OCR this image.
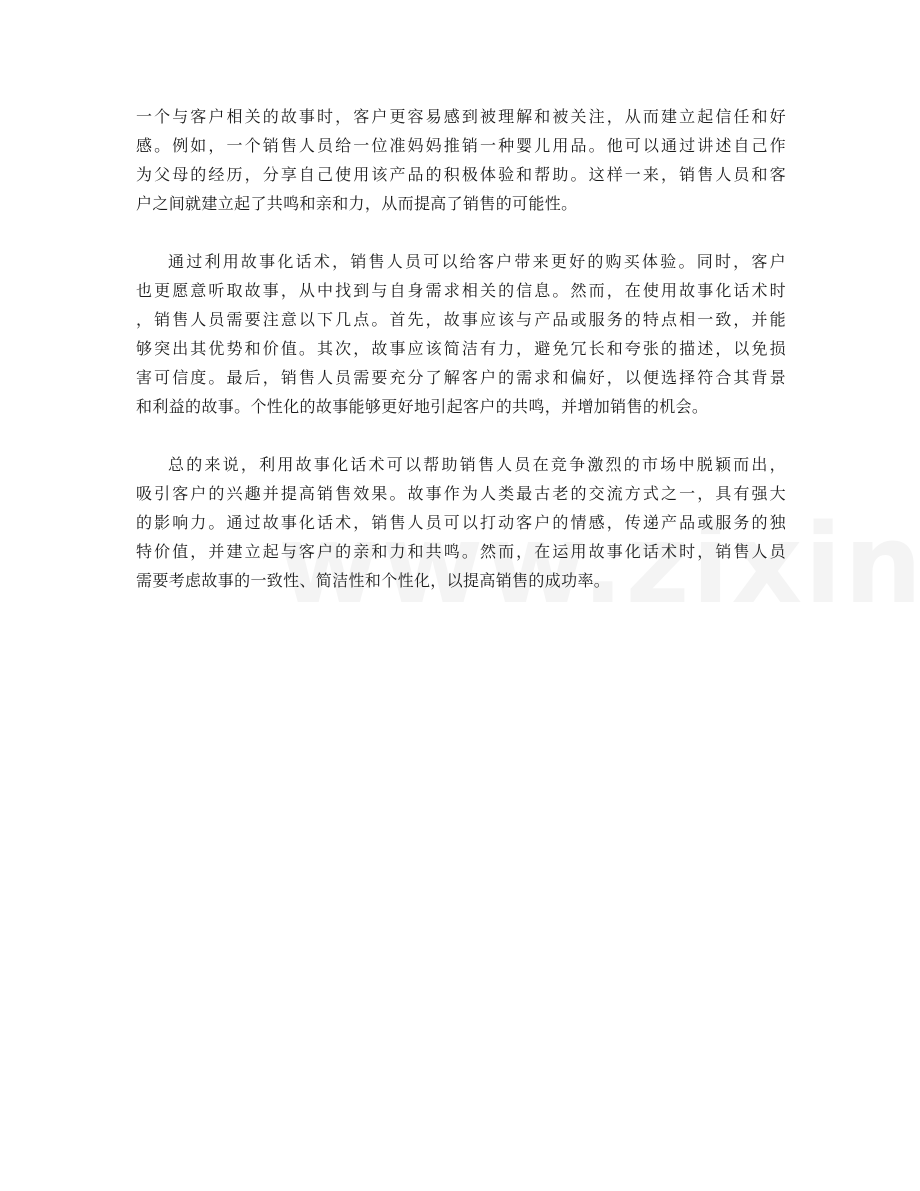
一个与客户相关的故事时，客户更容易感到被理解和被关注，从而建立起信任和好
感。例如，一个销售人员给一位准妈妈推销一种婴儿用品。他可以通过讲述自己作
为父母的经历，分享自己使用该产品的积极体验和帮助。这样一来，销售人员和客
户之间就建立起了共鸣和亲和力，从而提高了销售的可能性。
通过利用故事化话术，销售人员可以给客户带来更好的购买体验。同时，客户
也更愿意听取故事，从中找到与自身需求相关的信息。然而，在使用故事化话术时
，销售人员需要注意以下几点。首先，故事应该与产品或服务的特点相一致，并能
够突出其优势和价值。其次，故事应该简洁有力，避免冗长和夸张的描述，以免损
害可信度。最后，销售人员需要充分了解客户的需求和偏好，以便选择符合其背景
和利益的故事。个性化的故事能够更好地引起客户的共鸣，并增加销售的机会。
总的来说，利用故事化话术可以帮助销售人员在竞争激烈的市场中脱颖而出，
吸引客户的兴趣并提高销售效果。故事作为人类最古老的交流方式之一，具有强大
的影响力。通过故事化话术，销售人员可以打动客户的情感，传递产品或服务的独
特价值，并建立起与客户的亲和力和共鸣。然而，在运用故事化话术时，销售人员
需要考虑故事的一致性、简洁性和个性化，以提高销售的成功率。
